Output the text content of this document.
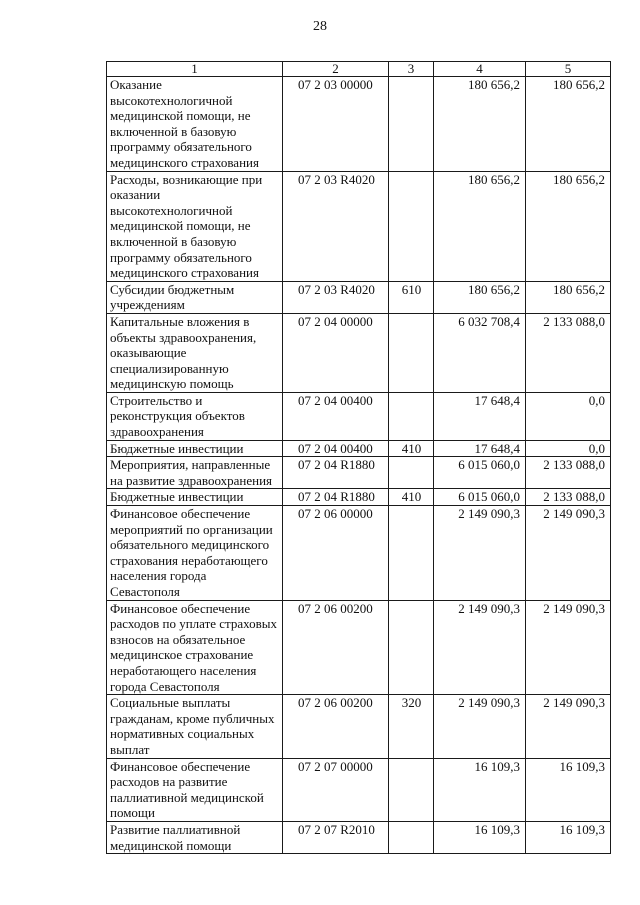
28
1	2	3	4	5
Оказание высокотехнологичной медицинской помощи, не включенной в базовую программу обязательного медицинского страхования	07 2 03 00000		180 656,2	180 656,2
Расходы, возникающие при оказании высокотехнологичной медицинской помощи, не включенной в базовую программу обязательного медицинского страхования	07 2 03 R4020		180 656,2	180 656,2
Субсидии бюджетным учреждениям	07 2 03 R4020	610	180 656,2	180 656,2
Капитальные вложения в объекты здравоохранения, оказывающие специализированную медицинскую помощь	07 2 04 00000		6 032 708,4	2 133 088,0
Строительство и реконструкция объектов здравоохранения	07 2 04 00400		17 648,4	0,0
Бюджетные инвестиции	07 2 04 00400	410	17 648,4	0,0
Мероприятия, направленные на развитие здравоохранения	07 2 04 R1880		6 015 060,0	2 133 088,0
Бюджетные инвестиции	07 2 04 R1880	410	6 015 060,0	2 133 088,0
Финансовое обеспечение мероприятий по организации обязательного медицинского страхования неработающего населения города Севастополя	07 2 06 00000		2 149 090,3	2 149 090,3
Финансовое обеспечение расходов по уплате страховых взносов на обязательное медицинское страхование неработающего населения города Севастополя	07 2 06 00200		2 149 090,3	2 149 090,3
Социальные выплаты гражданам, кроме публичных нормативных социальных выплат	07 2 06 00200	320	2 149 090,3	2 149 090,3
Финансовое обеспечение расходов на развитие паллиативной медицинской помощи	07 2 07 00000		16 109,3	16 109,3
Развитие паллиативной медицинской помощи	07 2 07 R2010		16 109,3	16 109,3
